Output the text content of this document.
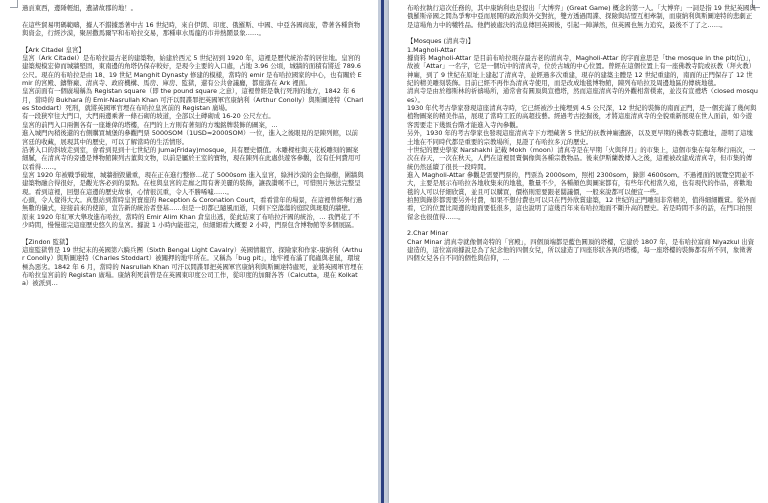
過貢東西，邊陲輕紐，遺諸故郡的地！。

在這些貿易明碼範疇，據人不錯據悉著中古 16 世紀時，來自伊朗、印度、俄羅斯、中國、中亞各國商旅，帶著各種貨物與資金，行經沙漠，聚居撒馬爾罕和布哈拉交易，那種車水馬龍的市井熱鬧景象……。

【Ark Citadel 皇宮】

皇宮（Ark Citadel）是布哈拉最古老的建築物，始建於西元 5 世紀初到 1920 年，這裡是歷代統治者的居住地。皇宮的建築規模宏偉而城牆堅固，東南邊的角塔仍保存較好，是現今主要的入口處，占地 3.96 公頃，城牆的面積有將近 789.6 公尺。現在的布哈拉是由 18、19 世紀 Manghit Dynasty 修建的模樣，當時的 emir 是布哈拉國家的中心，也有關於 Emir 的宮殿、鑄幣廠、清真寺、政府機構、馬房、庫房、監獄，還有公共會議廳，都座落在 Ark 裡面。

皇宮前面有一個廣場稱為 Registan square（即 the pound square 之意），這裡曾經是執行死刑的地方，1842 年 6 月，當時的 Bukhara 的 Emir-Nasrullah Khan 可汗以間諜罪把英國軍官康納利（Arthur Conolly）與斯圖達特（Charles Stoddart）死刑，就將英國軍官埋在布哈拉皇宮前的 Registan 廣場。

有一段狹窄往大門口，大門兩邊乘著一條石砌的坡道，全部以土磚砌成 16-20 公尺左右。

皇宮的前門入口兩側各有一座雄偉的塔樓，在門的上方則有著刻的方塊銘牌裝飾的圖案，…

進入城門內稍後還的右側購買城堡的參觀門票 5000SOM（1USD≈2000SOM）一位，進入之後眼見的是陳列館，以前宮廷的收藏，展現其中的歷史，可以了解當時的生活情形。

沿著入口的斜坡走到室，會看到見到十七世紀的 Juma(Friday)mosque，具有歷史價值。木雕樑柱與天花板雕刻的圖案細膩，在清真寺的旁邊是博物館陳列古董與文物，以前是屬於王室的寶物，現在陳列在此處供遊客參觀，沒有任何費用可以看得……。

皇宮 1920 年被戰爭破壞，城牆損毀嚴重，現在正在進行整修…花了 5000som 進入皇宮，綠洲沙漠的金色綠樹，圍牆與建築物融合得很好，是觀光客必到的景點。在柱與皇宮的走廊之間有著美麗的裝飾，讓我讚嘆不已，可惜照片無法完整呈現。看到這裡，回想在這邊的歷史故事，心情很沉重，令人不勝唏噓……。

心頭，令人覺得大大。真想站到當時皇宮寶座的 Reception & Coronation Court，看看當年的場景，在這裡曾經舉行過無數的儀式，迎接前來的使節，宣告新的統治者登基……但是一切都已隨風而逝，只剩下空蕩蕩的庭院與斑駁的牆壁。

原來 1920 年紅軍大舉攻進布哈拉，當時的 Emir Alim Khan 倉皇出逃，從此結束了布哈拉汗國的統治，… 我們花了不少時間，慢慢逛完這座歷史悠久的皇宮。據說 1 小時內能逛完，但細細看大概要 2 小時，門票包含博物館等多個展區。

【Zindon 監獄】

這座監獄曾是 19 世紀末的英國第六騎兵團（Sixth Bengal Light Cavalry）英國情報官、探險家和作家-康納利（Arthur Conolly）與斯圖達特（Charles Stoddart）被關押的地牢所在。又稱為「bug pit」，地牢裡布滿了爬蟲與老鼠，環境極為惡劣。1842 年 6 月，當時的 Nasrullah Khan 可汗以間諜罪把英國軍官康納利與斯圖達特處死，並將英國軍官埋在布哈拉皇宮前的 Registan 廣場。康納利死前曾是在英國東印度公司工作，從印度的加爾各答（Calcutta，現在 Kolkata）被派到…

布哈拉執行這次任務的，其中康納利也是提出「大博弈」(Great Game) 概念的第一人。「大博弈」一詞是指 19 世紀英國與俄羅斯帝國之間為爭奪中亞而展開的政治與外交對抗，雙方透過間諜、探險與結盟互相牽制，而康納利與斯圖達特的悲劇正是這場角力中的犧牲品。他們被處決的消息傳回英國後，引起一陣譁然，但英國也無力追究，最後不了了之……。

【Mosques (清真寺)】

1.Magholi-Attar

據資料 Magholi-Attar 是目前布哈拉現存最古老的清真寺，Magholi-Attar 的字面意思是「the mosque in the pit(坑)」，故被「Attar」一名字，它是一個坑中的清真寺，位於古城的中心位置。曾經在這個位置上有一座佛教寺院或祆教（拜火教）神廟，到了 9 世紀在原址上建起了清真寺，並經過多次重建，現存的建築主體是 12 世紀重建的，南面的正門保存了 12 世紀的精美雕刻裝飾。目前已經不再作為清真寺使用，而是改成地毯博物館，陳列布哈拉及周邊地區的傳統地毯。

清真寺是由於穆斯林的祈禱場所，通常會有圓頂與宣禮塔，然而這座清真寺的外觀相當樸素，並沒有宣禮塔（closed mosques）。

1930 年代考古學家發現這座清真寺時，它已經被沙土掩埋到 4.5 公尺深，12 世紀的裝飾的南面正門，是一個充滿了幾何與植物圖案的精美作品，展現了當時工匠的高超技藝。經過考古挖掘後，才將這座清真寺的全貌重新展現在世人面前，如今遊客需要走下幾級台階才能進入寺內參觀。

另外，1930 年的考古學家也發現這座清真寺下方埋藏著 5 世紀的祆教神廟遺跡，以及更早期的佛教寺院遺址，證明了這塊土地在不同時代都是重要的宗教場所，見證了布哈拉多元的歷史。

十世紀的歷史學家 Narshakhi 記載 Mokh（moon）清真寺是在早期「火與拜月」的市集上，這個市集在每年舉行兩次，一次在春天，一次在秋天，人們在這裡買賣偶像與各種宗教物品。後來伊斯蘭教傳入之後，這裡被改建成清真寺，但市集的傳統仍然延續了很長一段時間。

進入 Magholi-Attar 參觀是需要門票的，門票為 2000som，照相 2300som，錄影 4600som。不過裡面的展覽空間並不大，主要是展示布哈拉各地收集來的地毯，數量不少，各種顏色與圖案都有，有些年代相當久遠，也有現代的作品，喜歡地毯的人可以仔細欣賞，並且可以購買，價格則需要跟老闆議價，一般來說都可以便宜一些。

拍照與錄影都需要另外付費，如果不想付費也可以只在門外欣賞建築，12 世紀的正門雕刻非常精美，值得細細觀賞。從外面看，它的位置比周邊的地面要低很多，這也說明了這幾百年來布哈拉地面不斷升高的歷史。若是時間不多的話，在門口拍照留念也很值得……。

2.Char Minar

Char Minar 清真寺就像個奇特的「宮殿」，四個頂端都是藍色圓頂的塔樓，它建於 1807 年，是布哈拉富商 Niyazkul 出資建造的，這位富商據說是為了紀念他的四個女兒，所以建造了四座形狀各異的塔樓，每一座塔樓的裝飾都有所不同，象徵著四個女兒各自不同的個性與信仰，…
